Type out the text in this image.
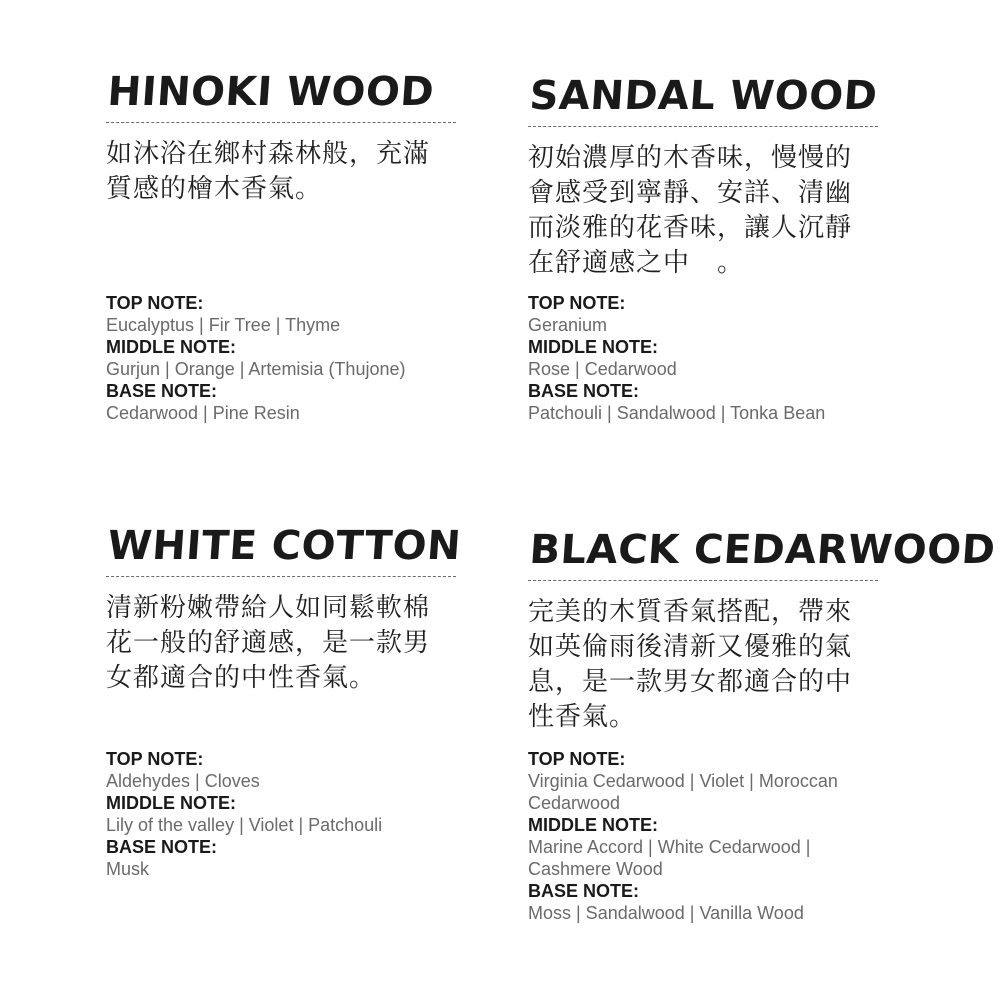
HINOKI WOOD
如沐浴在鄉村森林般，充滿質感的檜木香氣。
TOP NOTE:
Eucalyptus | Fir Tree | Thyme
MIDDLE NOTE:
Gurjun | Orange | Artemisia (Thujone)
BASE NOTE:
Cedarwood | Pine Resin
SANDAL WOOD
初始濃厚的木香味，慢慢的會感受到寧靜、安詳、清幽而淡雅的花香味，讓人沉靜在舒適感之中　。
TOP NOTE:
Geranium
MIDDLE NOTE:
Rose | Cedarwood
BASE NOTE:
Patchouli | Sandalwood | Tonka Bean
WHITE COTTON
清新粉嫩帶給人如同鬆軟棉花一般的舒適感，是一款男女都適合的中性香氣。
TOP NOTE:
Aldehydes | Cloves
MIDDLE NOTE:
Lily of the valley | Violet | Patchouli
BASE NOTE:
Musk
BLACK CEDARWOOD
完美的木質香氣搭配，帶來如英倫雨後清新又優雅的氣息，是一款男女都適合的中性香氣。
TOP NOTE:
Virginia Cedarwood | Violet | Moroccan Cedarwood
MIDDLE NOTE:
Marine Accord | White Cedarwood | Cashmere Wood
BASE NOTE:
Moss | Sandalwood | Vanilla Wood
